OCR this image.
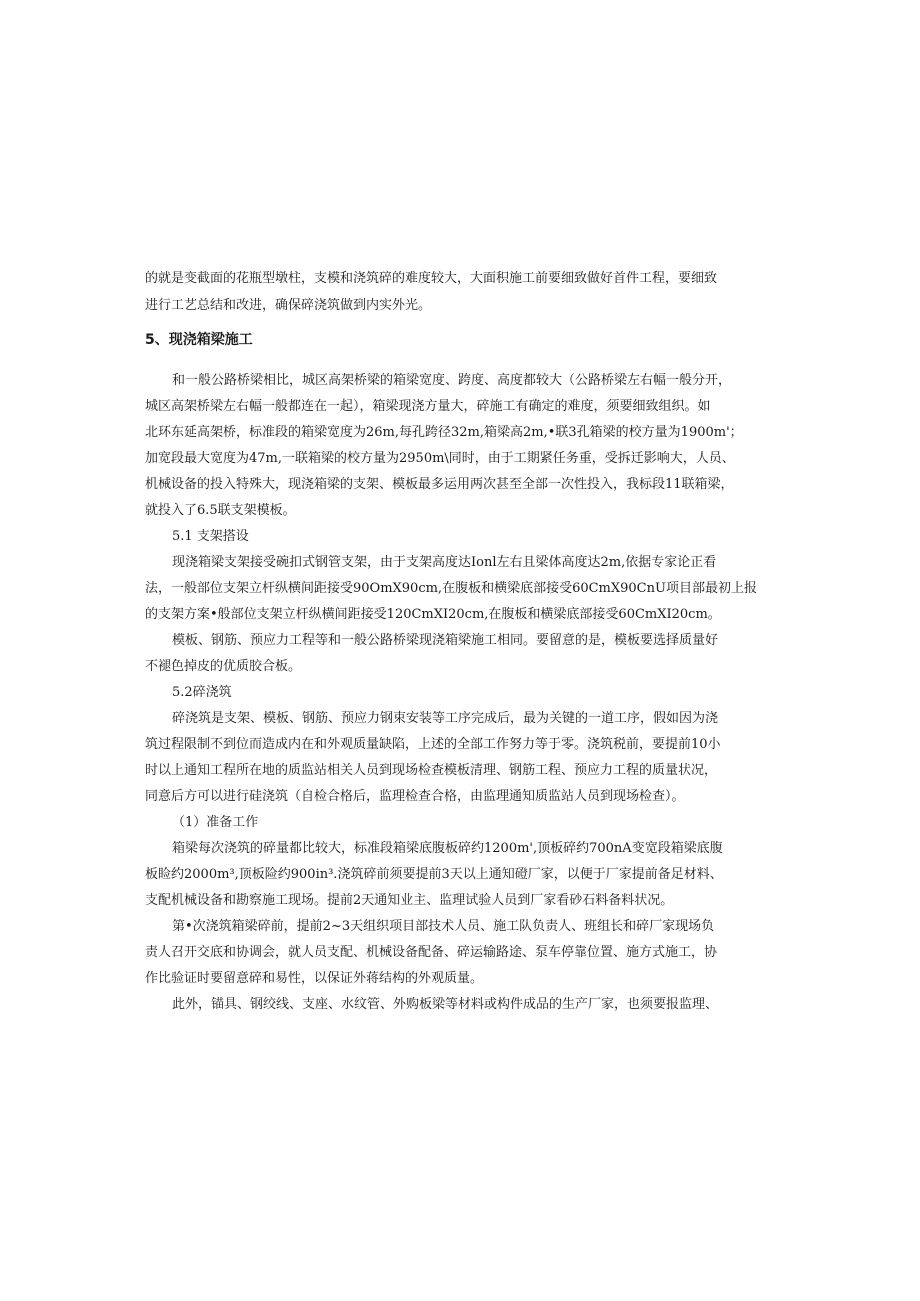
的就是变截面的花瓶型墩柱，支模和浇筑碎的难度较大，大面积施工前要细致做好首件工程，要细致
进行工艺总结和改进，确保碎浇筑做到内实外光。
5、现浇箱梁施工
和一般公路桥梁相比，城区高架桥梁的箱梁宽度、跨度、高度都较大（公路桥梁左右幅一般分开，
城区高架桥梁左右幅一般都连在一起），箱梁现浇方量大，碎施工有确定的难度，须要细致组织。如
北环东延高架桥，标准段的箱梁宽度为26m,每孔跨径32m,箱梁高2m,•联3孔箱梁的校方量为1900m'；
加宽段最大宽度为47m,一联箱梁的校方量为2950m\同时，由于工期紧任务重，受拆迁影响大，人员、
机械设备的投入特殊大，现浇箱梁的支架、模板最多运用两次甚至全部一次性投入，我标段11联箱梁，
就投入了6.5联支架模板。
5.1 支架搭设
现浇箱梁支架接受碗扣式钢管支架，由于支架高度达Ionl左右且梁体高度达2m,依据专家论正看
法，一般部位支架立杆纵横间距接受90OmX90cm,在腹板和横梁底部接受60CmX90CnU项目部最初上报
的支架方案•般部位支架立杆纵横间距接受120CmXI20cm,在腹板和横梁底部接受60CmXI20cm。
模板、钢筋、预应力工程等和一般公路桥梁现浇箱梁施工相同。要留意的是，模板要选择质量好
不褪色掉皮的优质胶合板。
5.2碎浇筑
碎浇筑是支架、模板、钢筋、预应力钢束安装等工序完成后，最为关键的一道工序，假如因为浇
筑过程限制不到位而造成内在和外观质量缺陷，上述的全部工作努力等于零。浇筑税前，要提前10小
时以上通知工程所在地的质监站相关人员到现场检查模板清理、钢筋工程、预应力工程的质量状况，
同意后方可以进行硅浇筑（自检合格后，监理检查合格，由监理通知质监站人员到现场检查）。
（1）准备工作
箱梁每次浇筑的碎量都比较大，标准段箱梁底腹板碎约1200m',顶板碎约700nA变宽段箱梁底腹
板睑约2000m³,顶板险约900in³.浇筑碎前须要提前3天以上通知磴厂家，以便于厂家提前备足材料、
支配机械设备和勘察施工现场。提前2天通知业主、监理试验人员到厂家看砂石料备料状况。
第•次浇筑箱梁碎前，提前2~3天组织项目部技术人员、施工队负责人、班组长和碎厂家现场负
责人召开交底和协调会，就人员支配、机械设备配备、碎运输路途、泵车停靠位置、施方式施工，协
作比验证时要留意碎和易性，以保证外蒋结构的外观质量。
此外，锚具、钢绞线、支座、水纹管、外购板梁等材料或构件成品的生产厂家，也须要报监理、
